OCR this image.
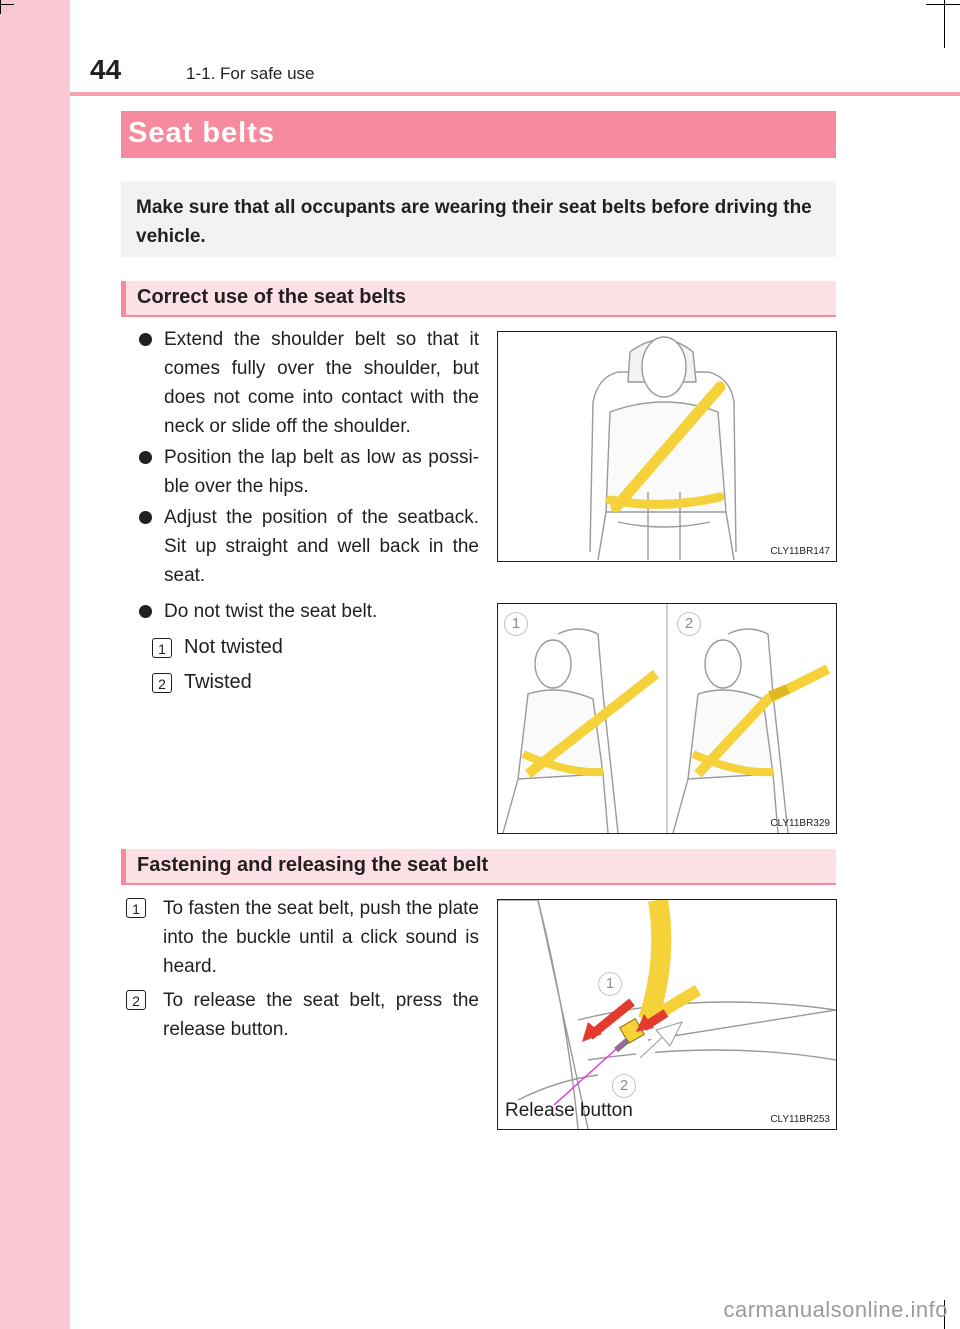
44	1-1. For safe use
Seat belts
Make sure that all occupants are wearing their seat belts before driving the vehicle.
Correct use of the seat belts
Extend the shoulder belt so that it comes fully over the shoulder, but does not come into contact with the neck or slide off the shoulder.
Position the lap belt as low as possi-ble over the hips.
Adjust the position of the seatback. Sit up straight and well back in the seat.
Do not twist the seat belt.
1 Not twisted
2 Twisted
CLY11BR147
1	2
CLY11BR329
Fastening and releasing the seat belt
1	To fasten the seat belt, push the plate into the buckle until a click sound is heard.
2	To release the seat belt, press the release button.
1
2
Release button	CLY11BR253
carmanualsonline.info
